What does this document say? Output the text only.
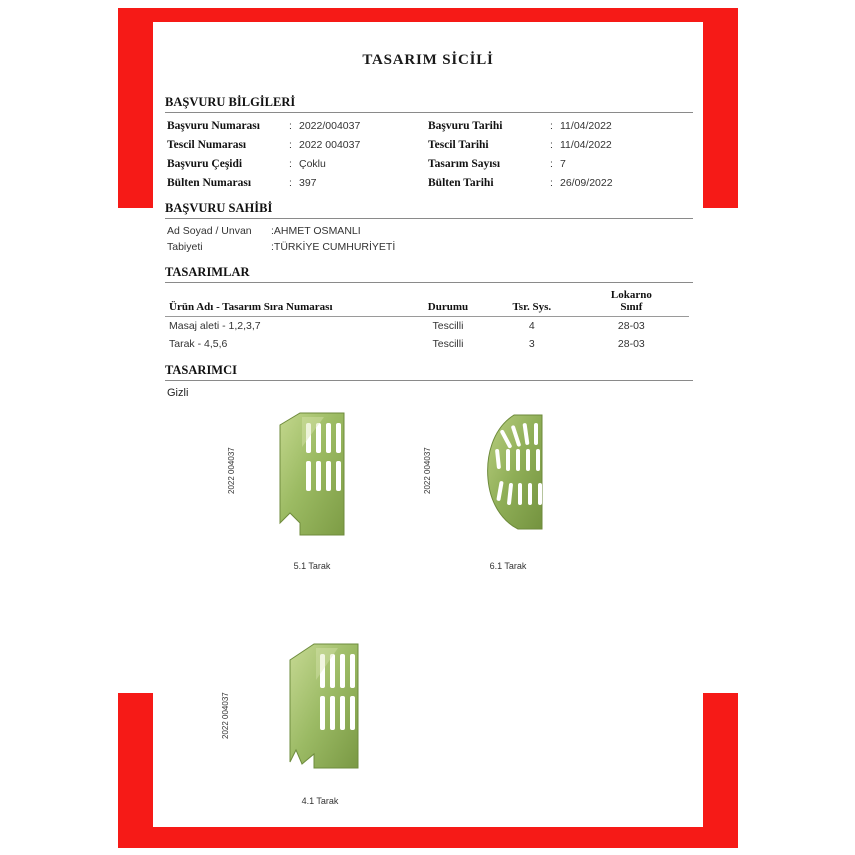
TASARIM SİCİLİ
BAŞVURU BİLGİLERİ
Başvuru Numarası	: 2022/004037
Tescil Numarası	: 2022 004037
Başvuru Çeşidi	: Çoklu
Bülten Numarası	: 397
Başvuru Tarihi	: 11/04/2022
Tescil Tarihi	: 11/04/2022
Tasarım Sayısı	: 7
Bülten Tarihi	: 26/09/2022
BAŞVURU SAHİBİ
Ad Soyad / Unvan	:AHMET OSMANLI
Tabiyeti	:TÜRKİYE CUMHURİYETİ
TASARIMLAR
Ürün Adı - Tasarım Sıra Numarası	Durumu	Tsr. Sys.	Lokarno
Sınıf

Masaj aleti - 1,2,3,7	Tescilli	4	28-03
Tarak - 4,5,6	Tescilli	3	28-03
TASARIMCI
Gizli
2022 004037
5.1 Tarak
2022 004037
6.1 Tarak
2022 004037
4.1 Tarak
